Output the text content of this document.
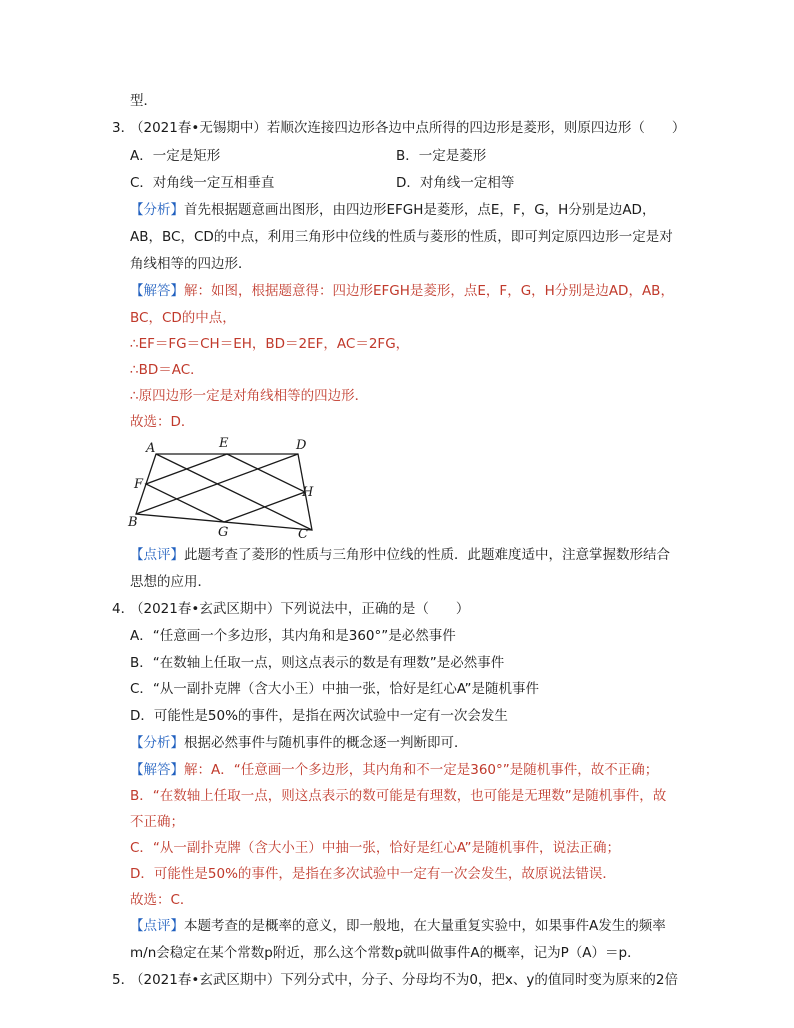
型．
3．
（2021春•无锡期中）若顺次连接四边形各边中点所得的四边形是菱形，则原四边形（　　）
A．一定是矩形	B．一定是菱形
C．对角线一定互相垂直	D．对角线一定相等
【分析】首先根据题意画出图形，由四边形EFGH是菱形，点E，F，G，H分别是边AD，
AB，BC，CD的中点，利用三角形中位线的性质与菱形的性质，即可判定原四边形一定是对
角线相等的四边形．
【解答】解：如图，根据题意得：四边形EFGH是菱形，点E，F，G，H分别是边AD，AB，
BC，CD的中点，
∴EF＝FG＝CH＝EH，BD＝2EF，AC＝2FG，
∴BD＝AC．
∴原四边形一定是对角线相等的四边形．
故选：D．
A	E	D
F
H
B
G	C
【点评】此题考查了菱形的性质与三角形中位线的性质．此题难度适中，注意掌握数形结合
思想的应用．
4．
（2021春•玄武区期中）下列说法中，正确的是（　　）
A．“任意画一个多边形，其内角和是360°”是必然事件
B．“在数轴上任取一点，则这点表示的数是有理数”是必然事件
C．“从一副扑克牌（含大小王）中抽一张，恰好是红心A”是随机事件
D．可能性是50%的事件，是指在两次试验中一定有一次会发生
【分析】根据必然事件与随机事件的概念逐一判断即可．
【解答】解：A．“任意画一个多边形，其内角和不一定是360°”是随机事件，故不正确；
B．“在数轴上任取一点，则这点表示的数可能是有理数，也可能是无理数”是随机事件，故
不正确；
C．“从一副扑克牌（含大小王）中抽一张，恰好是红心A”是随机事件，说法正确；
D．可能性是50%的事件，是指在多次试验中一定有一次会发生，故原说法错误．
故选：C．
【点评】本题考查的是概率的意义，即一般地，在大量重复实验中，如果事件A发生的频率
m/n会稳定在某个常数p附近，那么这个常数p就叫做事件A的概率，记为P（A）＝p．
5．
（2021春•玄武区期中）下列分式中，分子、分母均不为0，把x、y的值同时变为原来的2倍
